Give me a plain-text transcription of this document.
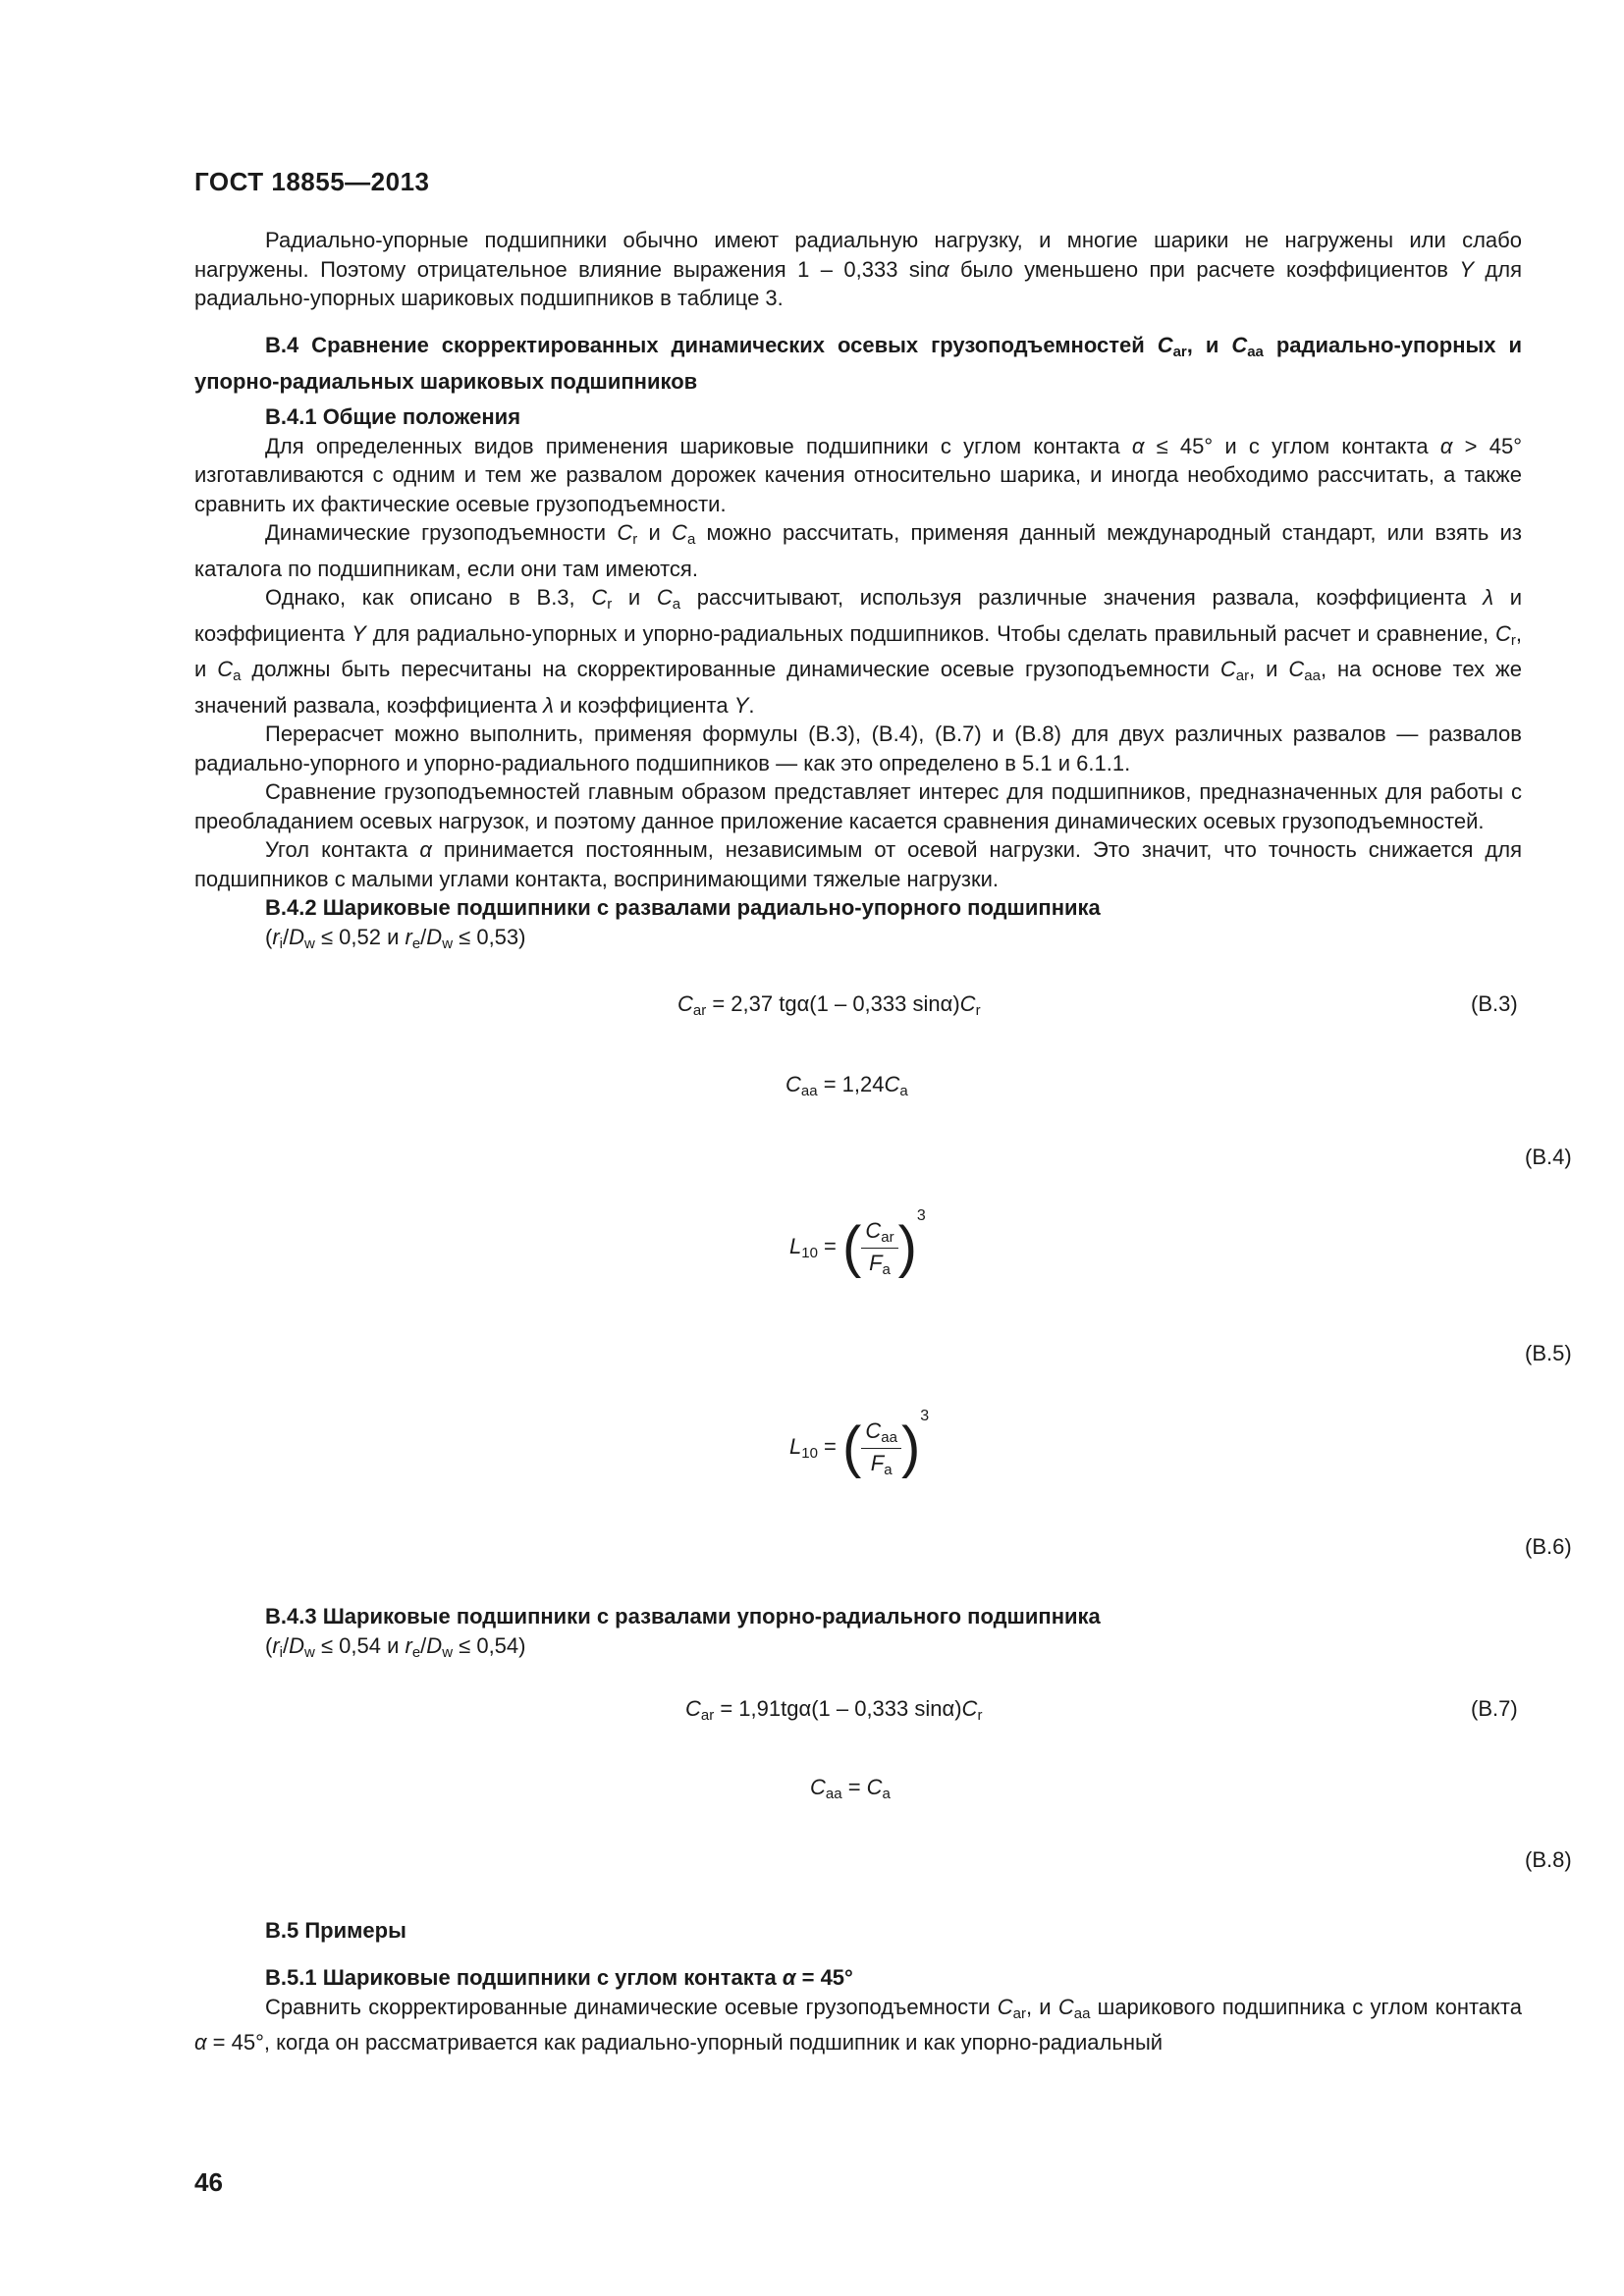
ГОСТ 18855—2013

Радиально-упорные подшипники обычно имеют радиальную нагрузку, и многие шарики не нагружены или слабо нагружены. Поэтому отрицательное влияние выражения 1 – 0,333 sinα было уменьшено при расчете коэффициентов Y для радиально-упорных шариковых подшипников в таблице 3.

B.4 Сравнение скорректированных динамических осевых грузоподъемностей $C_{ar}$, и $C_{aa}$ радиально-упорных и упорно-радиальных шариковых подшипников

B.4.1 Общие положения

Для определенных видов применения шариковые подшипники с углом контакта α ≤ 45° и с углом контакта α > 45° изготавливаются с одним и тем же развалом дорожек качения относительно шарика, и иногда необходимо рассчитать, а также сравнить их фактические осевые грузоподъемности.

Динамические грузоподъемности $C_r$ и $C_a$ можно рассчитать, применяя данный международный стандарт, или взять из каталога по подшипникам, если они там имеются.

Однако, как описано в B.3, $C_r$ и $C_a$ рассчитывают, используя различные значения развала, коэффициента λ и коэффициента Y для радиально-упорных и упорно-радиальных подшипников. Чтобы сделать правильный расчет и сравнение, $C_r$, и $C_a$ должны быть пересчитаны на скорректированные динамические осевые грузоподъемности $C_{ar}$, и $C_{aa}$, на основе тех же значений развала, коэффициента λ и коэффициента Y.

Перерасчет можно выполнить, применяя формулы (B.3), (B.4), (B.7) и (B.8) для двух различных развалов — развалов радиально-упорного и упорно-радиального подшипников — как это определено в 5.1 и 6.1.1.

Сравнение грузоподъемностей главным образом представляет интерес для подшипников, предназначенных для работы с преобладанием осевых нагрузок, и поэтому данное приложение касается сравнения динамических осевых грузоподъемностей.

Угол контакта α принимается постоянным, независимым от осевой нагрузки. Это значит, что точность снижается для подшипников с малыми углами контакта, воспринимающими тяжелые нагрузки.

B.4.2 Шариковые подшипники с развалами радиально-упорного подшипника

($r_i/D_w \le 0,52$ и $r_e/D_w \le 0,53$)

$C_{ar} = 2,37$ tgα(1 – 0,333 $\sin\alpha)C_r$	(B.3)
$C_{aa} = 1,24C_a$
(B.4)
$L_{10}$ = ( $\frac{C_{ar}}{F_a} )^3$
(B.5)
$L_{10}$ = ( $\frac{C_{aa}}{F_a} )^3$
(B.6)

B.4.3 Шариковые подшипники с развалами упорно-радиального подшипника

($r_i/D_w \le 0,54$ и $r_e/D_w \le 0,54$)

$C_{ar} = 1,91tg\alpha(1 - 0,333$ $\sin\alpha)C_r$	(B.7)
$C_{aa} = C_a$
(B.8)

B.5 Примеры

B.5.1 Шариковые подшипники с углом контакта α = 45°

Сравнить скорректированные динамические осевые грузоподъемности $C_{ar}$, и $C_{aa}$ шарикового подшипника с углом контакта α = 45°, когда он рассматривается как радиально-упорный подшипник и как упорно-радиальный

46
